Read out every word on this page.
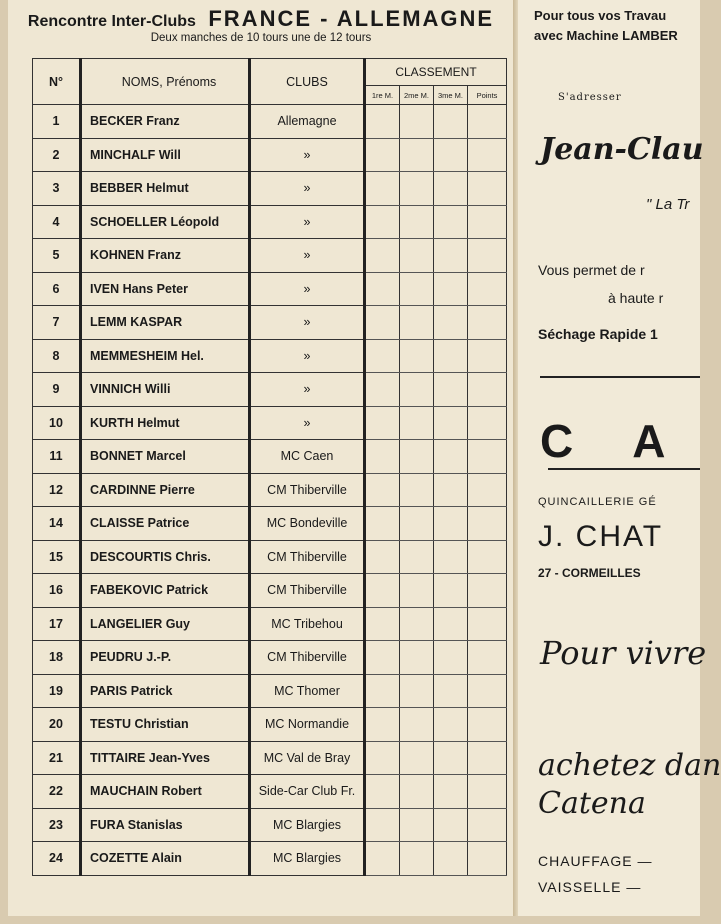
Rencontre Inter-Clubs FRANCE - ALLEMAGNE
Deux manches de 10 tours une de 12 tours
N°	NOMS, Prénoms	CLUBS	CLASSEMENT			
			1re M.	2me M.	3me M.	Points
1	BECKER Franz	Allemagne				
2	MINCHALF Will	»				
3	BEBBER Helmut	»				
4	SCHOELLER Léopold	»				
5	KOHNEN Franz	»				
6	IVEN Hans Peter	»				
7	LEMM KASPAR	»				
8	MEMMESHEIM Hel.	»				
9	VINNICH Willi	»				
10	KURTH Helmut	»				
11	BONNET Marcel	MC Caen				
12	CARDINNE Pierre	CM Thiberville				
14	CLAISSE Patrice	MC Bondeville				
15	DESCOURTIS Chris.	CM Thiberville				
16	FABEKOVIC Patrick	CM Thiberville				
17	LANGELIER Guy	MC Tribehou				
18	PEUDRU J.-P.	CM Thiberville				
19	PARIS Patrick	MC Thomer				
20	TESTU Christian	MC Normandie				
21	TITTAIRE Jean-Yves	MC Val de Bray				
22	MAUCHAIN Robert	Side-Car Club Fr.				
23	FURA Stanislas	MC Blargies				
24	COZETTE Alain	MC Blargies				
Pour tous vos Travau
avec Machine LAMBER
S'adresser
Jean-Clau
" La Tr
Vous permet de r
à haute r
Séchage Rapide 1
C A
QUINCAILLERIE GÉ
J. CHAT
27 - CORMEILLES
Pour vivre
achetez dan
Catena
CHAUFFAGE —
VAISSELLE —
